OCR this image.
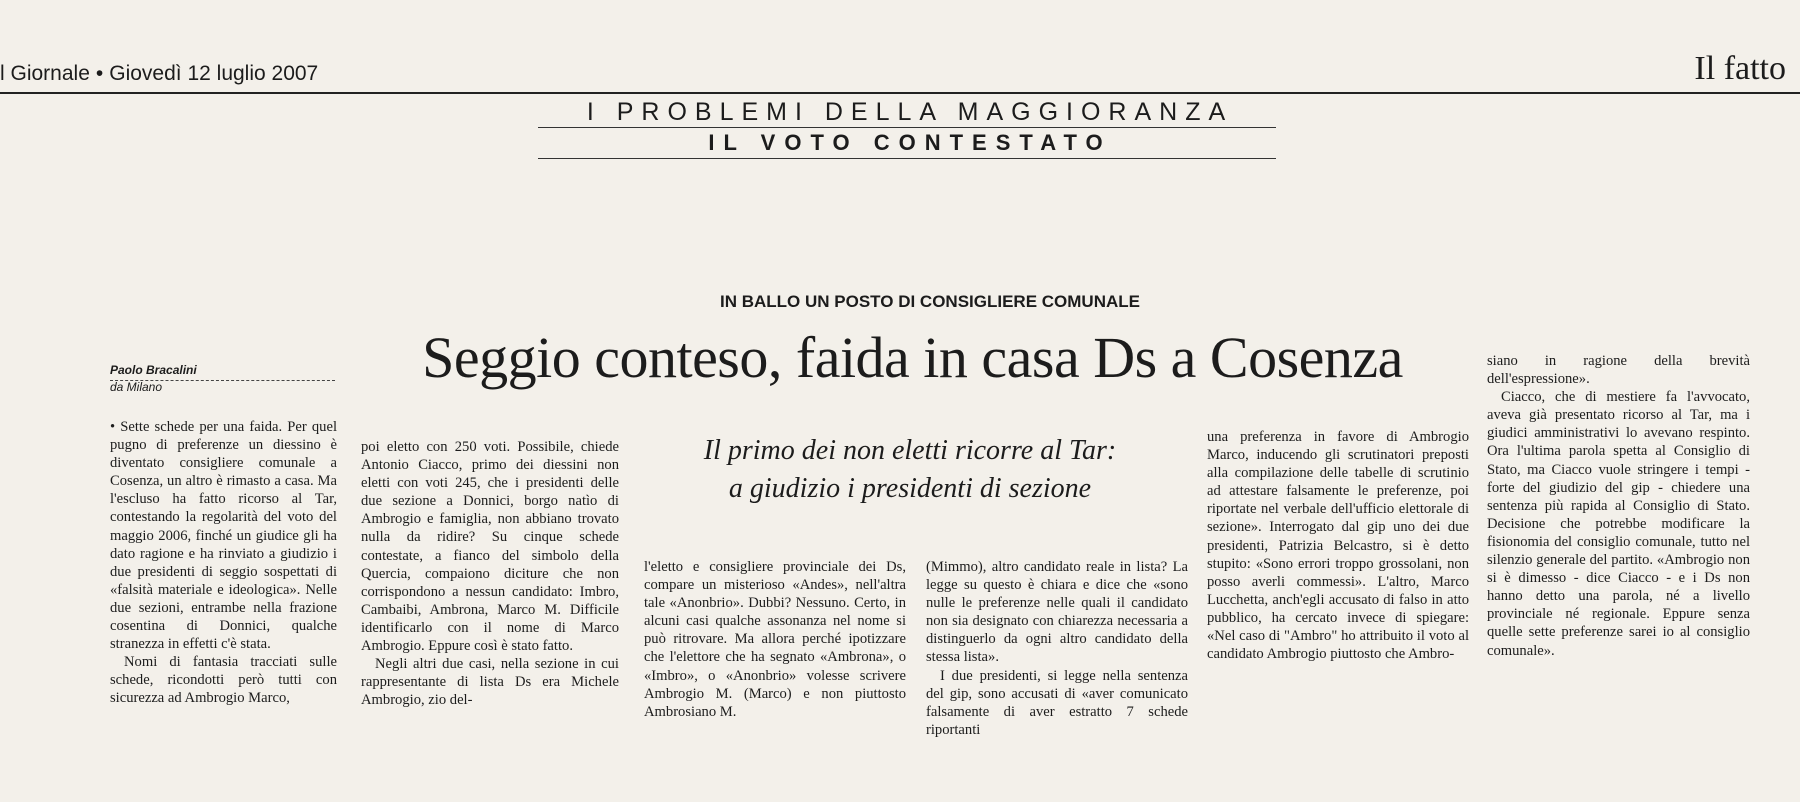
l Giornale • Giovedì 12 luglio 2007	Il fatto
I PROBLEMI DELLA MAGGIORANZA
IL VOTO CONTESTATO
IN BALLO UN POSTO DI CONSIGLIERE COMUNALE
Seggio conteso, faida in casa Ds a Cosenza
Il primo dei non eletti ricorre al Tar:
a giudizio i presidenti di sezione
Paolo Bracalini
da Milano

• Sette schede per una faida. Per quel pugno di preferenze un diessino è diventato consigliere comunale a Cosenza, un altro è rimasto a casa. Ma l'escluso ha fatto ricorso al Tar, contestando la regolarità del voto del maggio 2006, finché un giudice gli ha dato ragione e ha rinviato a giudizio i due presidenti di seggio sospettati di «falsità materiale e ideologica». Nelle due sezioni, entrambe nella frazione cosentina di Donnici, qualche stranezza in effetti c'è stata.

Nomi di fantasia tracciati sulle schede, ricondotti però tutti con sicurezza ad Ambrogio Marco,

poi eletto con 250 voti. Possibile, chiede Antonio Ciacco, primo dei diessini non eletti con voti 245, che i presidenti delle due sezione a Donnici, borgo natìo di Ambrogio e famiglia, non abbiano trovato nulla da ridire? Su cinque schede contestate, a fianco del simbolo della Quercia, compaiono diciture che non corrispondono a nessun candidato: Imbro, Cambaibi, Ambrona, Marco M. Difficile identificarlo con il nome di Marco Ambrogio. Eppure così è stato fatto.

Negli altri due casi, nella sezione in cui rappresentante di lista Ds era Michele Ambrogio, zio del-

l'eletto e consigliere provinciale dei Ds, compare un misterioso «Andes», nell'altra tale «Anonbrio». Dubbi? Nessuno. Certo, in alcuni casi qualche assonanza nel nome si può ritrovare. Ma allora perché ipotizzare che l'elettore che ha segnato «Ambrona», o «Imbro», o «Anonbrio» volesse scrivere Ambrogio M. (Marco) e non piuttosto Ambrosiano M.

(Mimmo), altro candidato reale in lista? La legge su questo è chiara e dice che «sono nulle le preferenze nelle quali il candidato non sia designato con chiarezza necessaria a distinguerlo da ogni altro candidato della stessa lista».

I due presidenti, si legge nella sentenza del gip, sono accusati di «aver comunicato falsamente di aver estratto 7 schede riportanti

una preferenza in favore di Ambrogio Marco, inducendo gli scrutinatori preposti alla compilazione delle tabelle di scrutinio ad attestare falsamente le preferenze, poi riportate nel verbale dell'ufficio elettorale di sezione». Interrogato dal gip uno dei due presidenti, Patrizia Belcastro, si è detto stupito: «Sono errori troppo grossolani, non posso averli commessi». L'altro, Marco Lucchetta, anch'egli accusato di falso in atto pubblico, ha cercato invece di spiegare: «Nel caso di "Ambro" ho attribuito il voto al candidato Ambrogio piuttosto che Ambro-

siano in ragione della brevità dell'espressione».

Ciacco, che di mestiere fa l'avvocato, aveva già presentato ricorso al Tar, ma i giudici amministrativi lo avevano respinto. Ora l'ultima parola spetta al Consiglio di Stato, ma Ciacco vuole stringere i tempi - forte del giudizio del gip - chiedere una sentenza più rapida al Consiglio di Stato. Decisione che potrebbe modificare la fisionomia del consiglio comunale, tutto nel silenzio generale del partito. «Ambrogio non si è dimesso - dice Ciacco - e i Ds non hanno detto una parola, né a livello provinciale né regionale. Eppure senza quelle sette preferenze sarei io al consiglio comunale».
